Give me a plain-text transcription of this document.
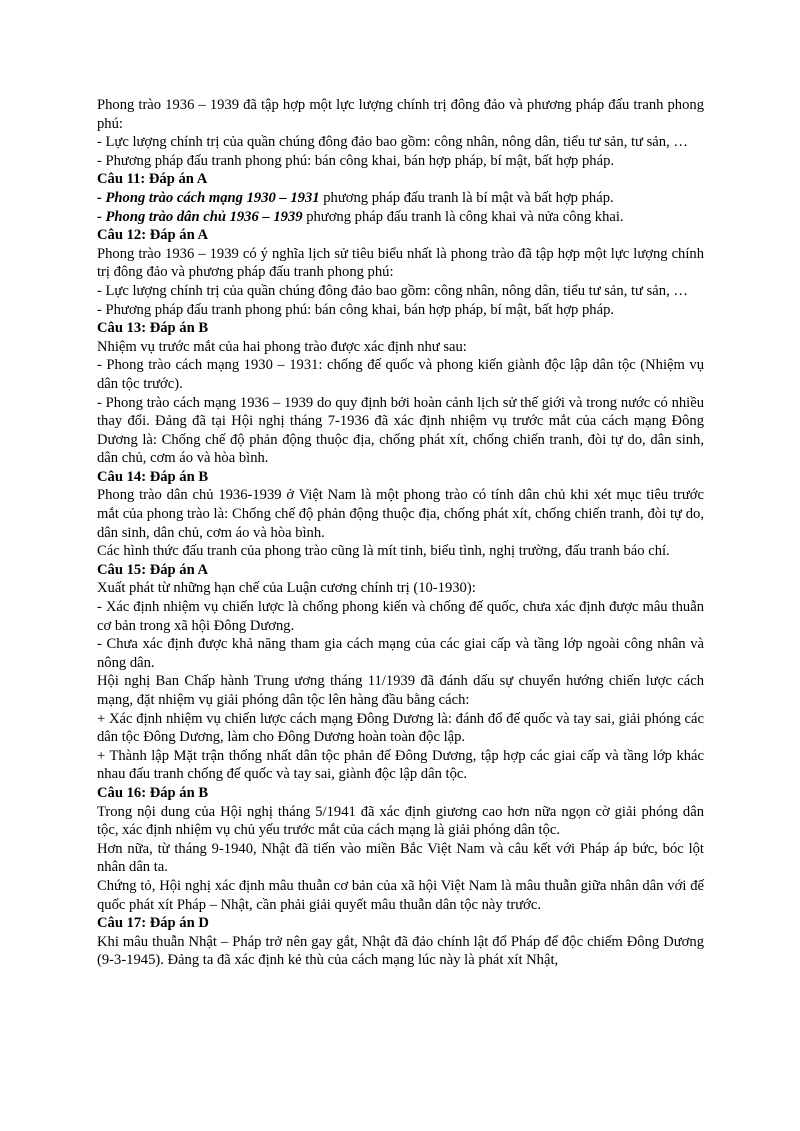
Phong trào 1936 – 1939 đã tập hợp một lực lượng chính trị đông đảo và phương pháp đấu tranh phong phú:

- Lực lượng chính trị của quần chúng đông đảo bao gồm: công nhân, nông dân, tiểu tư sản, tư sản, …

- Phương pháp đấu tranh phong phú: bán công khai, bán hợp pháp, bí mật, bất hợp pháp.

Câu 11: Đáp án A

- Phong trào cách mạng 1930 – 1931 phương pháp đấu tranh là bí mật và bất hợp pháp.

- Phong trào dân chủ 1936 – 1939 phương pháp đấu tranh là công khai và nửa công khai.

Câu 12: Đáp án A

Phong trào 1936 – 1939 có ý nghĩa lịch sử tiêu biểu nhất là phong trào đã tập hợp một lực lượng chính trị đông đảo và phương pháp đấu tranh phong phú:

- Lực lượng chính trị của quần chúng đông đảo bao gồm: công nhân, nông dân, tiểu tư sản, tư sản, …

- Phương pháp đấu tranh phong phú: bán công khai, bán hợp pháp, bí mật, bất hợp pháp.

Câu 13: Đáp án B

Nhiệm vụ trước mắt của hai phong trào được xác định như sau:

- Phong trào cách mạng 1930 – 1931: chống đế quốc và phong kiến giành độc lập dân tộc (Nhiệm vụ dân tộc trước).

- Phong trào cách mạng 1936 – 1939 do quy định bởi hoàn cảnh lịch sử thế giới và trong nước có nhiều thay đổi. Đảng đã tại Hội nghị tháng 7-1936 đã xác định nhiệm vụ trước mắt của cách mạng Đông Dương là: Chống chế độ phản động thuộc địa, chống phát xít, chống chiến tranh, đòi tự do, dân sinh, dân chủ, cơm áo và hòa bình.

Câu 14: Đáp án B

Phong trào dân chủ 1936-1939 ở Việt Nam là một phong trào có tính dân chủ khi xét mục tiêu trước mắt của phong trào là: Chống chế độ phản động thuộc địa, chống phát xít, chống chiến tranh, đòi tự do, dân sinh, dân chủ, cơm áo và hòa bình.

Các hình thức đấu tranh của phong trào cũng là mít tinh, biểu tình, nghị trường, đấu tranh báo chí.

Câu 15: Đáp án A

Xuất phát từ những hạn chế của Luận cương chính trị (10-1930):

- Xác định nhiệm vụ chiến lược là chống phong kiến và chống đế quốc, chưa xác định được mâu thuẫn cơ bản trong xã hội Đông Dương.

- Chưa xác định được khả năng tham gia cách mạng của các giai cấp và tầng lớp ngoài công nhân và nông dân.

Hội nghị Ban Chấp hành Trung ương tháng 11/1939 đã đánh dấu sự chuyển hướng chiến lược cách mạng, đặt nhiệm vụ giải phóng dân tộc lên hàng đầu bằng cách:

+ Xác định nhiệm vụ chiến lược cách mạng Đông Dương là: đánh đổ đế quốc và tay sai, giải phóng các dân tộc Đông Dương, làm cho Đông Dương hoàn toàn độc lập.

+ Thành lập Mặt trận thống nhất dân tộc phản đế Đông Dương, tập hợp các giai cấp và tầng lớp khác nhau đấu tranh chống đế quốc và tay sai, giành độc lập dân tộc.

Câu 16: Đáp án B

Trong nội dung của Hội nghị tháng 5/1941 đã xác định giương cao hơn nữa ngọn cờ giải phóng dân tộc, xác định nhiệm vụ chủ yếu trước mắt của cách mạng là giải phóng dân tộc.

Hơn nữa, từ tháng 9-1940, Nhật đã tiến vào miền Bắc Việt Nam và câu kết với Pháp áp bức, bóc lột nhân dân ta.

Chứng tỏ, Hội nghị xác định mâu thuẫn cơ bản của xã hội Việt Nam là mâu thuẫn giữa nhân dân với đế quốc phát xít Pháp – Nhật, cần phải giải quyết mâu thuẫn dân tộc này trước.

Câu 17: Đáp án D

Khi mâu thuẫn Nhật – Pháp trở nên gay gắt, Nhật đã đảo chính lật đổ Pháp để độc chiếm Đông Dương (9-3-1945). Đảng ta đã xác định kẻ thù của cách mạng lúc này là phát xít Nhật,
